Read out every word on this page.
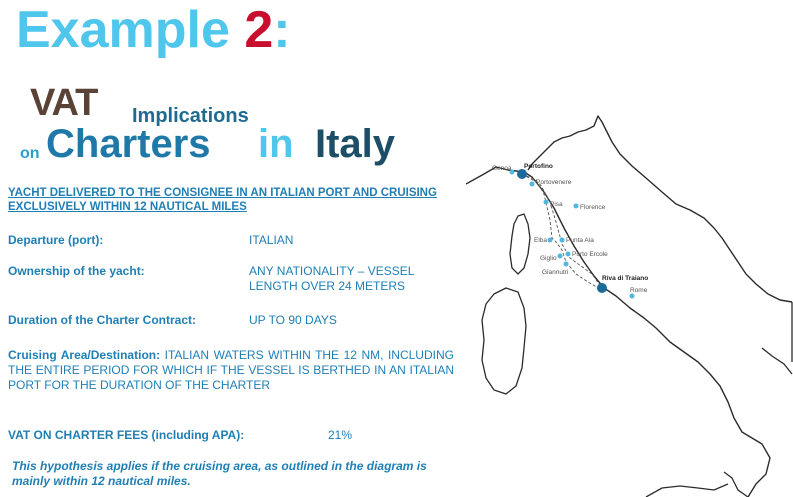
Example 2:
VAT Implications
on Charters in Italy
YACHT DELIVERED TO THE CONSIGNEE IN AN ITALIAN PORT AND CRUISING EXCLUSIVELY WITHIN 12 NAUTICAL MILES
Departure (port):	ITALIAN
Ownership of the yacht:	ANY NATIONALITY – VESSEL
LENGTH OVER 24 METERS
Duration of the Charter Contract:	UP TO 90 DAYS
Cruising Area/Destination: ITALIAN WATERS WITHIN THE 12 NM, INCLUDING THE ENTIRE PERIOD FOR WHICH IF THE VESSEL IS BERTHED IN AN ITALIAN PORT FOR THE DURATION OF THE CHARTER
VAT ON CHARTER FEES (including APA):	21%
This hypothesis applies if the cruising area, as outlined in the diagram is mainly within 12 nautical miles.
Genoa Portofino
Portovenere
Pisa	Florence
Elba	Punta Ala
Porto Ercole
Giglio
Giannutri
Riva di Traiano
Rome
